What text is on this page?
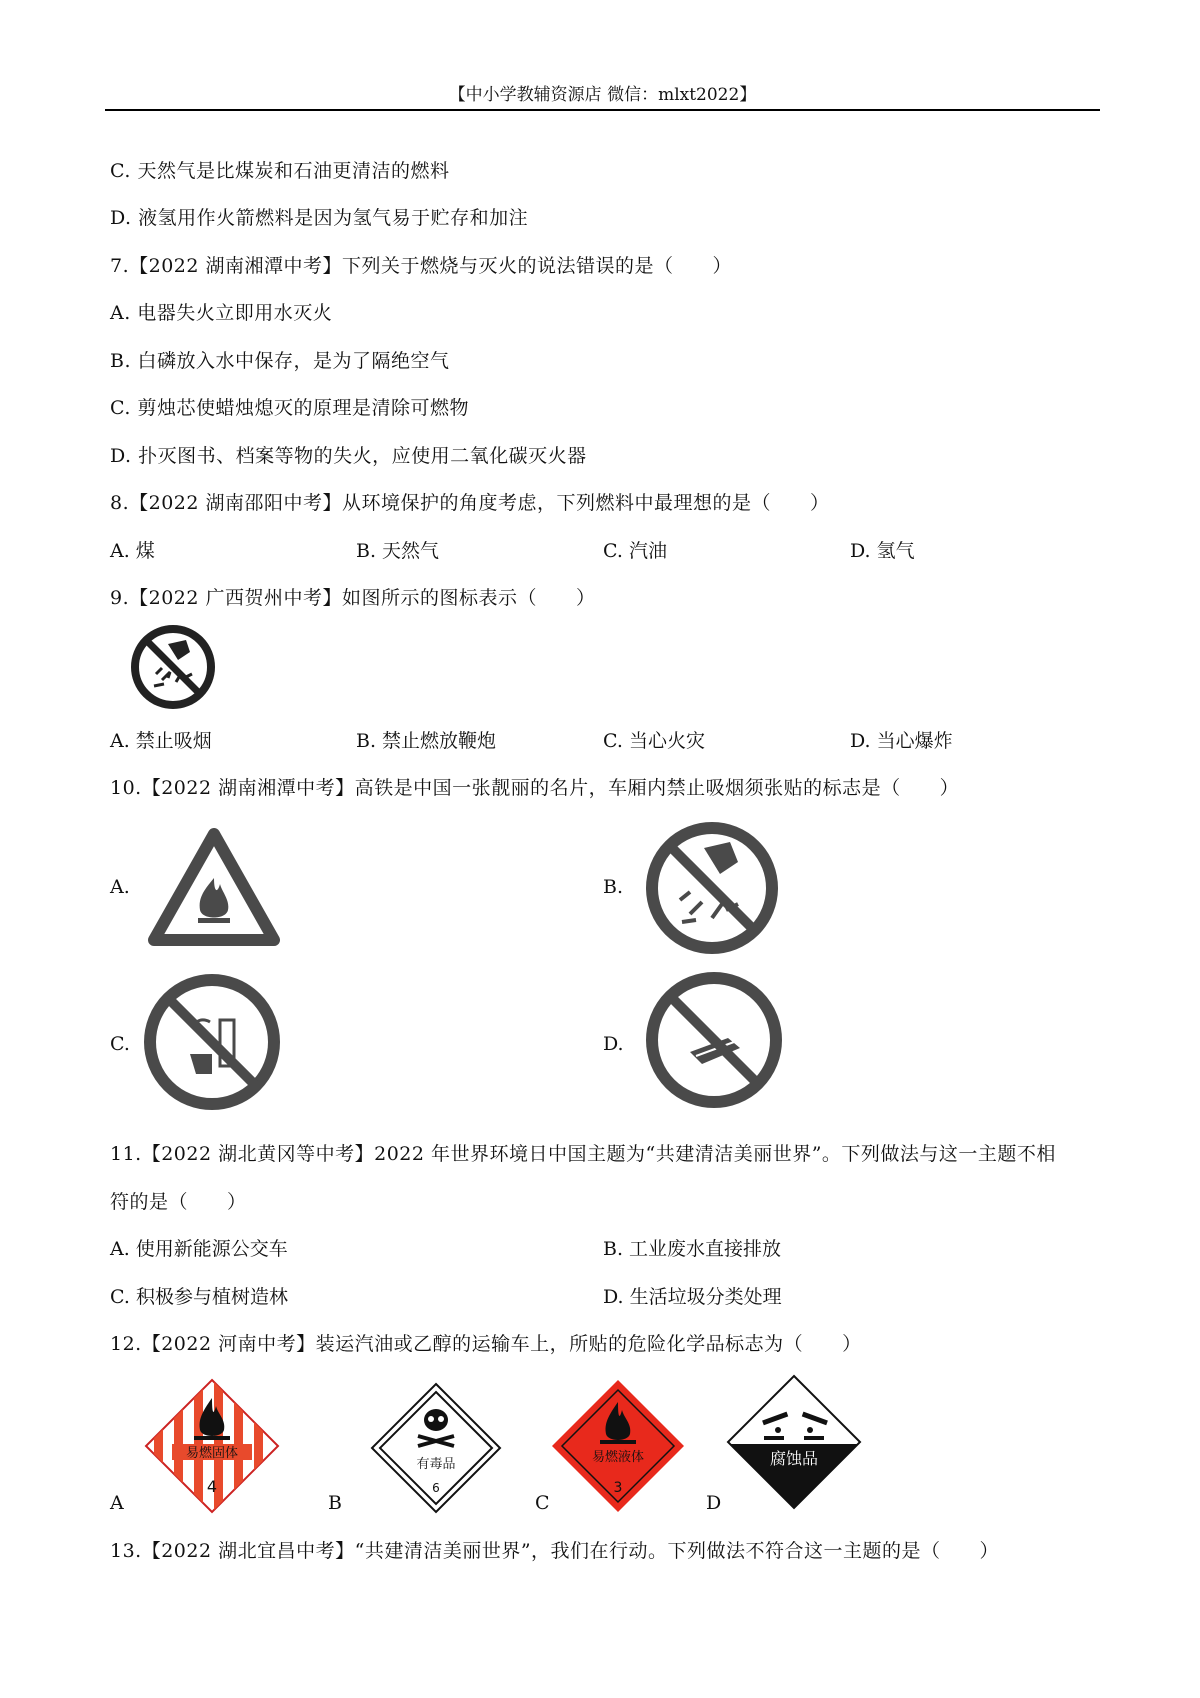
【中小学教辅资源店 微信：mlxt2022】
C. 天然气是比煤炭和石油更清洁的燃料
D. 液氢用作火箭燃料是因为氢气易于贮存和加注
7.【2022 湖南湘潭中考】下列关于燃烧与灭火的说法错误的是（　　）
A. 电器失火立即用水灭火
B. 白磷放入水中保存，是为了隔绝空气
C. 剪烛芯使蜡烛熄灭的原理是清除可燃物
D. 扑灭图书、档案等物的失火，应使用二氧化碳灭火器
8.【2022 湖南邵阳中考】从环境保护的角度考虑，下列燃料中最理想的是（　　）
A. 煤	B. 天然气	C. 汽油	D. 氢气
9.【2022 广西贺州中考】如图所示的图标表示（　　）
A. 禁止吸烟	B. 禁止燃放鞭炮	C. 当心火灾	D. 当心爆炸
10.【2022 湖南湘潭中考】高铁是中国一张靓丽的名片，车厢内禁止吸烟须张贴的标志是（　　）
A.	B.
C.	D.
11.【2022 湖北黄冈等中考】2022 年世界环境日中国主题为“共建清洁美丽世界”。下列做法与这一主题不相
符的是（　　）
A. 使用新能源公交车	B. 工业废水直接排放
C. 积极参与植树造林	D. 生活垃圾分类处理
12.【2022 河南中考】装运汽油或乙醇的运输车上，所贴的危险化学品标志为（　　）
易燃固体
4
有毒品
6
易燃液体
3
腐蚀品
A	B	C	D
13.【2022 湖北宜昌中考】“共建清洁美丽世界”，我们在行动。下列做法不符合这一主题的是（　　）
